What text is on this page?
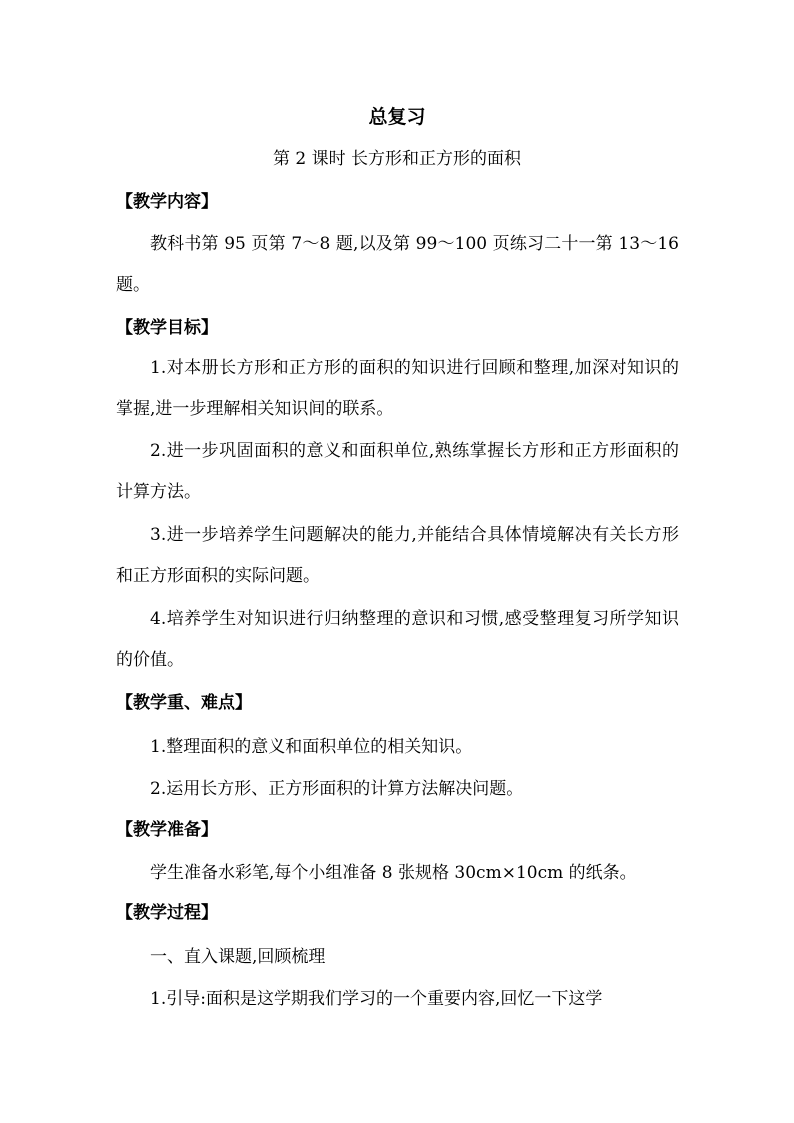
总复习
第 2 课时 长方形和正方形的面积
【教学内容】
教科书第 95 页第 7～8 题,以及第 99～100 页练习二十一第 13～16 题。
【教学目标】
1.对本册长方形和正方形的面积的知识进行回顾和整理,加深对知识的掌握,进一步理解相关知识间的联系。
2.进一步巩固面积的意义和面积单位,熟练掌握长方形和正方形面积的计算方法。
3.进一步培养学生问题解决的能力,并能结合具体情境解决有关长方形和正方形面积的实际问题。
4.培养学生对知识进行归纳整理的意识和习惯,感受整理复习所学知识的价值。
【教学重、难点】
1.整理面积的意义和面积单位的相关知识。
2.运用长方形、正方形面积的计算方法解决问题。
【教学准备】
学生准备水彩笔,每个小组准备 8 张规格 30cm×10cm 的纸条。
【教学过程】
一、直入课题,回顾梳理
1.引导:面积是这学期我们学习的一个重要内容,回忆一下这学
